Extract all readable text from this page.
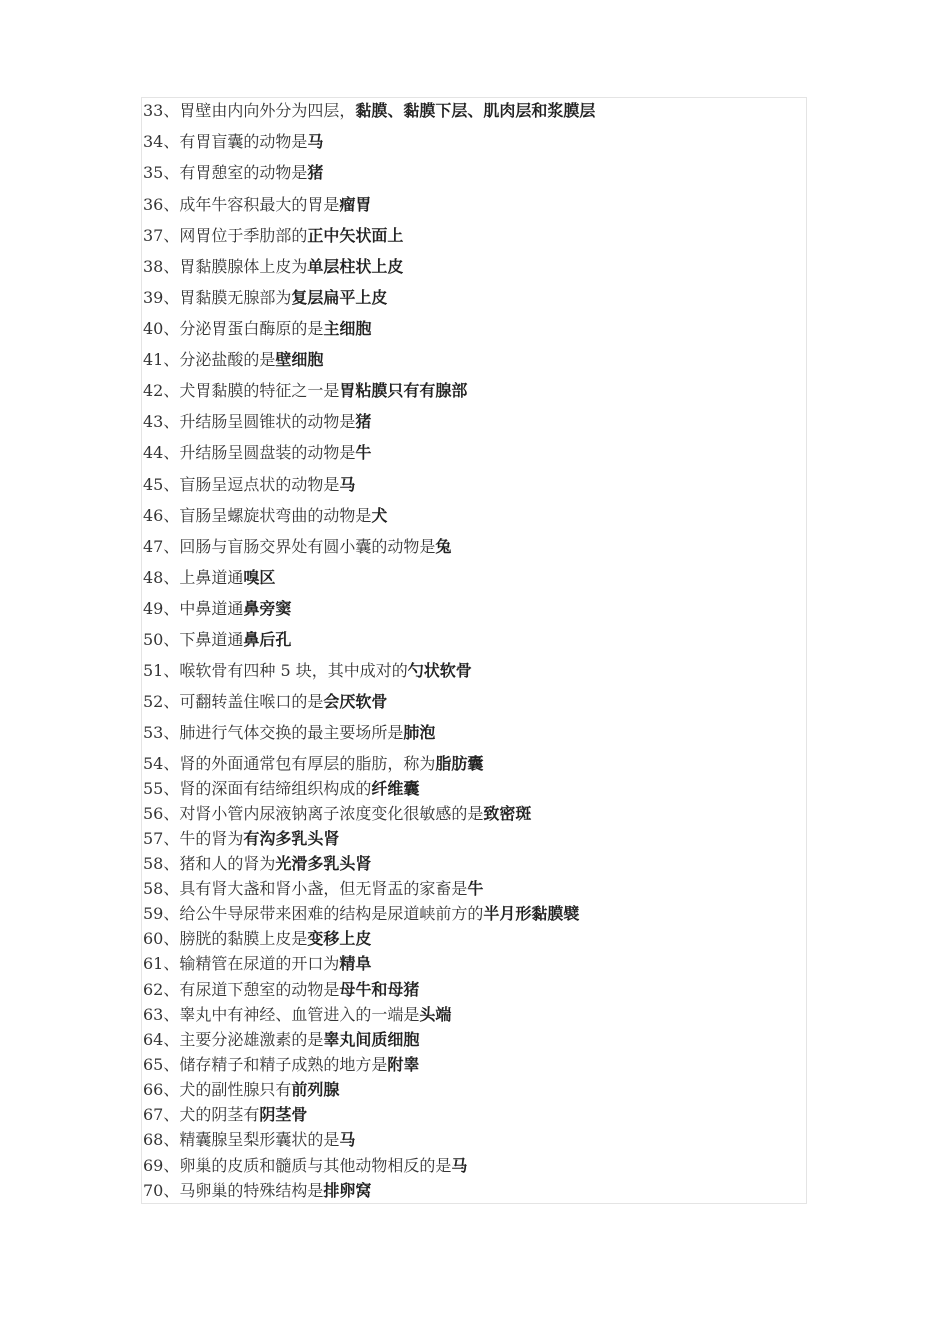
33、胃壁由内向外分为四层，黏膜、黏膜下层、肌肉层和浆膜层
34、有胃盲囊的动物是马
35、有胃憩室的动物是猪
36、成年牛容积最大的胃是瘤胃
37、网胃位于季肋部的正中矢状面上
38、胃黏膜腺体上皮为单层柱状上皮
39、胃黏膜无腺部为复层扁平上皮
40、分泌胃蛋白酶原的是主细胞
41、分泌盐酸的是壁细胞
42、犬胃黏膜的特征之一是胃粘膜只有有腺部
43、升结肠呈圆锥状的动物是猪
44、升结肠呈圆盘装的动物是牛
45、盲肠呈逗点状的动物是马
46、盲肠呈螺旋状弯曲的动物是犬
47、回肠与盲肠交界处有圆小囊的动物是兔
48、上鼻道通嗅区
49、中鼻道通鼻旁窦
50、下鼻道通鼻后孔
51、喉软骨有四种 5 块，其中成对的勺状软骨
52、可翻转盖住喉口的是会厌软骨
53、肺进行气体交换的最主要场所是肺泡
54、肾的外面通常包有厚层的脂肪，称为脂肪囊
55、肾的深面有结缔组织构成的纤维囊
56、对肾小管内尿液钠离子浓度变化很敏感的是致密斑
57、牛的肾为有沟多乳头肾
58、猪和人的肾为光滑多乳头肾
58、具有肾大盏和肾小盏，但无肾盂的家畜是牛
59、给公牛导尿带来困难的结构是尿道峡前方的半月形黏膜襞
60、膀胱的黏膜上皮是变移上皮
61、输精管在尿道的开口为精阜
62、有尿道下憩室的动物是母牛和母猪
63、睾丸中有神经、血管进入的一端是头端
64、主要分泌雄激素的是睾丸间质细胞
65、储存精子和精子成熟的地方是附睾
66、犬的副性腺只有前列腺
67、犬的阴茎有阴茎骨
68、精囊腺呈梨形囊状的是马
69、卵巢的皮质和髓质与其他动物相反的是马
70、马卵巢的特殊结构是排卵窝
